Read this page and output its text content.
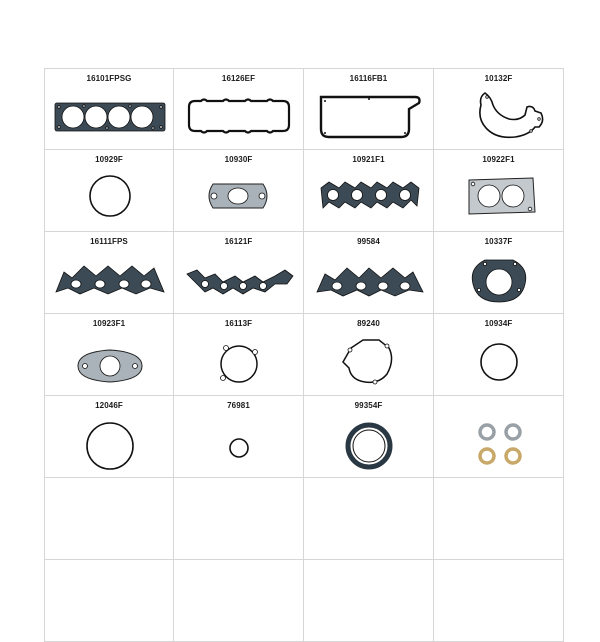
16101FPSG	16126EF	16116FB1	10132F
10929F	10930F	10921F1	10922F1
16111FPS	16121F	99584	10337F
10923F1	16113F	89240	10934F
12046F	76981	99354F
